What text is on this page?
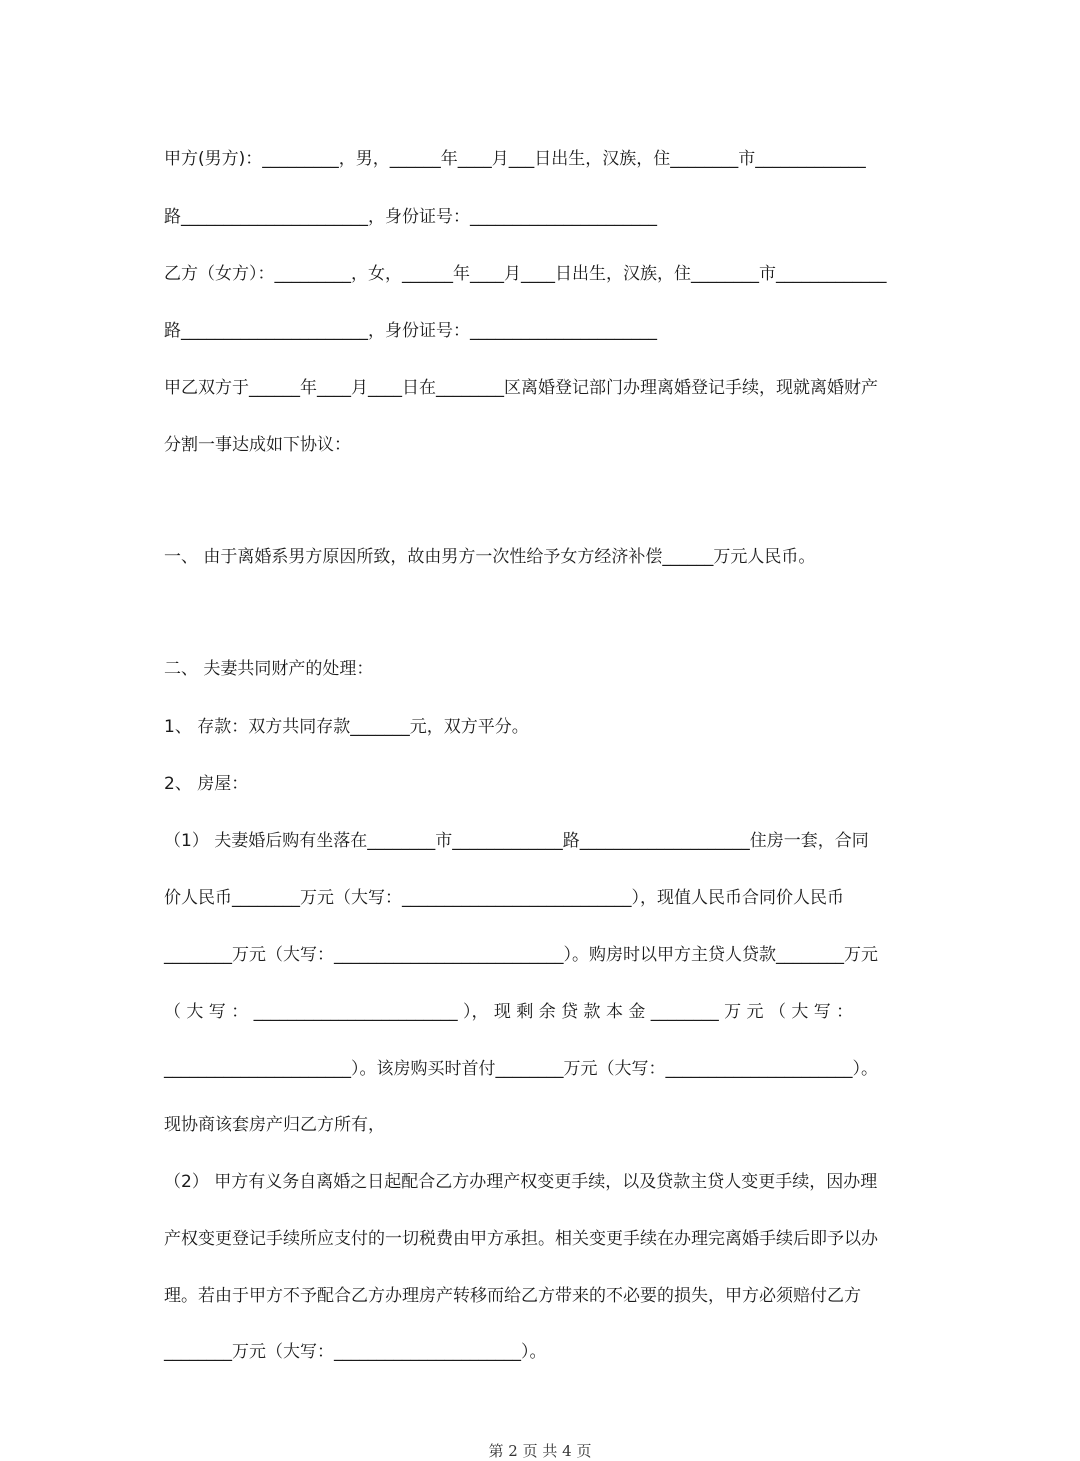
甲方(男方)：_________，男，______年____月___日出生，汉族，住________市_____________
路______________________，身份证号：______________________
乙方（女方）：_________，女，______年____月____日出生，汉族，住________市_____________
路______________________，身份证号：______________________
甲乙双方于______年____月____日在________区离婚登记部门办理离婚登记手续，现就离婚财产
分割一事达成如下协议：
一、 由于离婚系男方原因所致，故由男方一次性给予女方经济补偿______万元人民币。
二、 夫妻共同财产的处理：
1、 存款：双方共同存款_______元，双方平分。
2、 房屋：
（1） 夫妻婚后购有坐落在________市_____________路____________________住房一套，合同
价人民币________万元（大写：___________________________），现值人民币合同价人民币
________万元（大写：___________________________）。购房时以甲方主贷人贷款________万元
（ 大 写 ： ________________________ ）， 现 剩 余 贷 款 本 金 ________ 万 元 （ 大 写 ：
______________________）。该房购买时首付________万元（大写：______________________）。
现协商该套房产归乙方所有，
（2） 甲方有义务自离婚之日起配合乙方办理产权变更手续，以及贷款主贷人变更手续，因办理
产权变更登记手续所应支付的一切税费由甲方承担。相关变更手续在办理完离婚手续后即予以办
理。若由于甲方不予配合乙方办理房产转移而给乙方带来的不必要的损失，甲方必须赔付乙方
________万元（大写：______________________）。
第 2 页 共 4 页
